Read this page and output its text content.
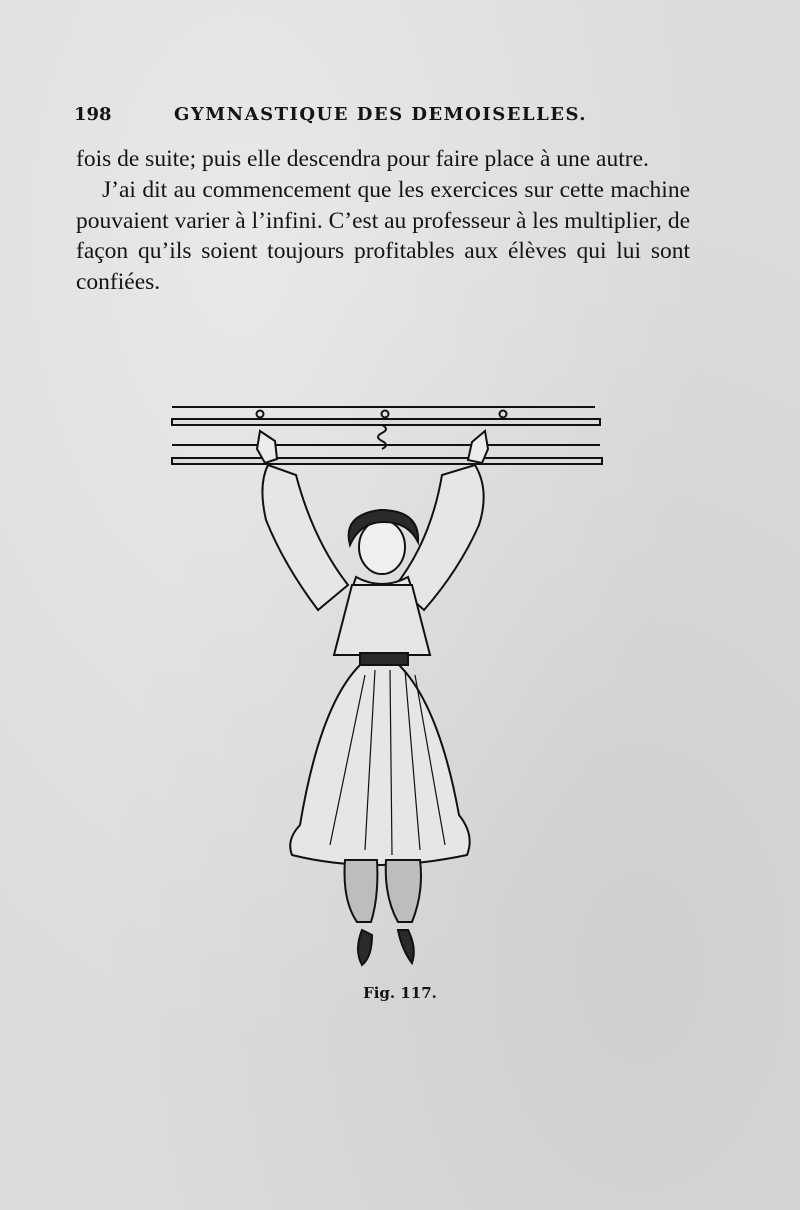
198	GYMNASTIQUE DES DEMOISELLES.

fois de suite; puis elle descendra pour faire place à une autre.

J’ai dit au commencement que les exercices sur cette machine pouvaient varier à l’infini. C’est au professeur à les multiplier, de façon qu’ils soient toujours profitables aux élèves qui lui sont confiées.

Fig. 117.
